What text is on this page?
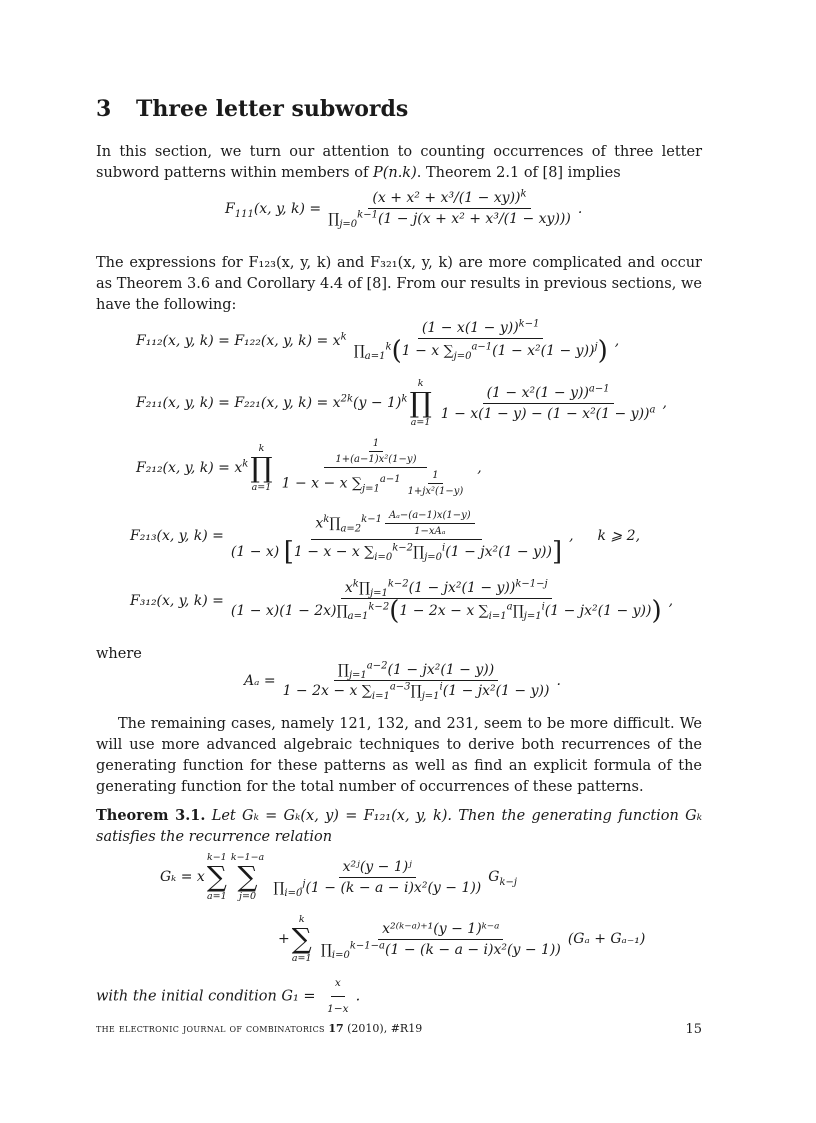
3 Three letter subwords

In this section, we turn our attention to counting occurrences of three letter subword patterns within members of P(n.k). Theorem 2.1 of [8] implies

$F_{111}(x$, y, $k) = \frac{(x + x^2 + x^3/(1 - xy))^k}{\prod_{j=0}^{k-1}(1 - j(x + x^2 + x^3/(1 - xy)))}$ .

The expressions for F₁₂₃(x, y, k) and F₃₂₁(x, y, k) are more complicated and occur as Theorem 3.6 and Corollary 4.4 of [8]. From our results in previous sections, we have the following:

F₁₁₂(x, y, k) = F₁₂₂(x, y, $k) = x^k \frac{(1 - x(1 - y))^{k-1}}{\prod_{a=1}^k(1 - x \sum_{j=0}^{a-1}(1 - x^2(1 - y))^j)}$ ,
F₂₁₁(x, y, k) = F₂₂₁(x, y, $k) = x^{2k}(y - 1)^k$
k
∏
a=1
$\frac{(1 - x^2(1 - y))^{a-1}}{1 - x(1 - y) - (1 - x^2(1 - y))^a}$ ,
F₂₁₂(x, y, $k) = x^k$
k
∏
$a=1 \frac{\frac{1}{\text{1+(a−1)x²(1−y)}}}{1 - x - x \sum_{j=1}^{a-1} \frac{1}{\text{1+jx²(1−y)}}}$ ,
F₂₁₃(x, y, $k) = \frac{x^k\prod_{a=2}^{k-1} \frac{\text{Aₐ−(a−1)x(1−y)}}{\text{1−xAₐ}}}{(1 - x) [1 - x - x \sum_{i=0}^{k-2}\prod_{j=0}^i(1 - jx^2(1 - y))]}$ , k ⩾ 2,
F₃₁₂(x, y, k) =
$x^k\prod_{j=1}^{k-2}(1 - jx^2(1 - y))^{k-1-j}$
$(1 - x)(1 - 2x)\prod_{a=1}^{k-2}(1 - 2x - x$ $\sum_{i=1}^a\prod_{j=1}^i(1 - jx^2(1 - y))$) ,

where

$A_a = \frac{\prod_{j=1}^{a-2}(1 - jx^2(1 - y))}{1 - 2x - x \sum_{i=1}^{a-3}\prod_{j=1}^i(1 - jx^2(1 - y))}$ .

The remaining cases, namely 121, 132, and 231, seem to be more difficult. We will use more advanced algebraic techniques to derive both recurrences of the generating function for these patterns as well as find an explicit formula of the generating function for the total number of occurrences of these patterns.

Theorem 3.1. Let Gₖ = Gₖ(x, y) = F₁₂₁(x, y, k). Then the generating function Gₖ satisfies the recurrence relation

Gₖ = x
k−1
∑
a=1
k−1−a
∑
j=0
$\frac{\text{x²ʲ(y − 1)ʲ}}{\prod_{i=0}^j(1 - (k - a - i)x^2(y - 1))} G_{k-j}$
+
k
∑
a=1
$\frac{\text{x²⁽ᵏ⁻ᵃ⁾⁺¹(y − 1)ᵏ⁻ᵃ}}{\prod_{i=0}^{k-1-a}(1 - (k - a - i)x^2(y - 1))} (G_a + G_{a-1})$

with the initial condition $G_1 = \frac{x}{1-x}$ .

the electronic journal of combinatorics 17 (2010), #R19	15
